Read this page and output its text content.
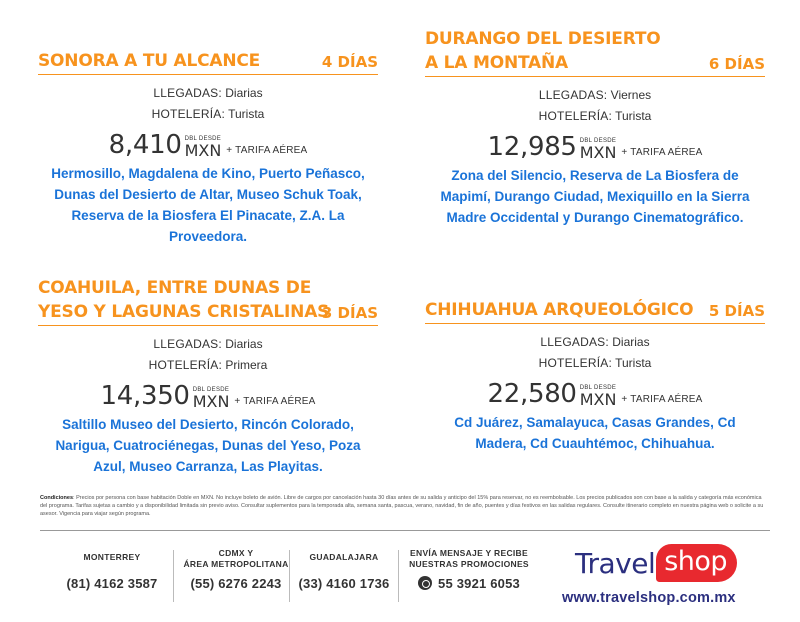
SONORA A TU ALCANCE	4 DÍAS
LLEGADAS: Diarias
HOTELERÍA: Turista
8,410 DBL DESDE
MXN + TARIFA AÉREA
Hermosillo, Magdalena de Kino, Puerto Peñasco, Dunas del Desierto de Altar, Museo Schuk Toak, Reserva de la Biosfera El Pinacate, Z.A. La Proveedora.
DURANGO DEL DESIERTO
A LA MONTAÑA	6 DÍAS
LLEGADAS: Viernes
HOTELERÍA: Turista
12,985 DBL DESDE
MXN + TARIFA AÉREA
Zona del Silencio, Reserva de La Biosfera de Mapimí, Durango Ciudad, Mexiquillo en la Sierra Madre Occidental y Durango Cinematográfico.
COAHUILA, ENTRE DUNAS DE
YESO Y LAGUNAS CRISTALINAS
3 DÍAS
LLEGADAS: Diarias
HOTELERÍA: Primera
14,350 DBL DESDE
MXN + TARIFA AÉREA
Saltillo Museo del Desierto, Rincón Colorado, Narigua, Cuatrociénegas, Dunas del Yeso, Poza Azul, Museo Carranza, Las Playitas.
CHIHUAHUA ARQUEOLÓGICO	5 DÍAS
LLEGADAS: Diarias
HOTELERÍA: Turista
22,580 DBL DESDE
MXN + TARIFA AÉREA
Cd Juárez, Samalayuca, Casas Grandes, Cd Madera, Cd Cuauhtémoc, Chihuahua.
Condiciones: Precios por persona con base habitación Doble en MXN. No incluye boleto de avión. Libre de cargos por cancelación hasta 30 días antes de su salida y anticipo del 15% para reservar, no es reembolsable. Los precios publicados son con base a la salida y categoría más económica del programa. Tarifas sujetas a cambio y a disponibilidad limitada sin previo aviso. Consultar suplementos para la temporada alta, semana santa, pascua, verano, navidad, fin de año, puentes y días festivos en las salidas regulares. Consulte itinerario completo en nuestra página web o solicite a su asesor. Vigencia para viajar según programa.
MONTERREY
(81) 4162 3587
CDMX Y
ÁREA METROPOLITANA
(55) 6276 2243
GUADALAJARA
(33) 4160 1736
ENVÍA MENSAJE Y RECIBE
NUESTRAS PROMOCIONES
55 3921 6053
Travel shop
www.travelshop.com.mx
